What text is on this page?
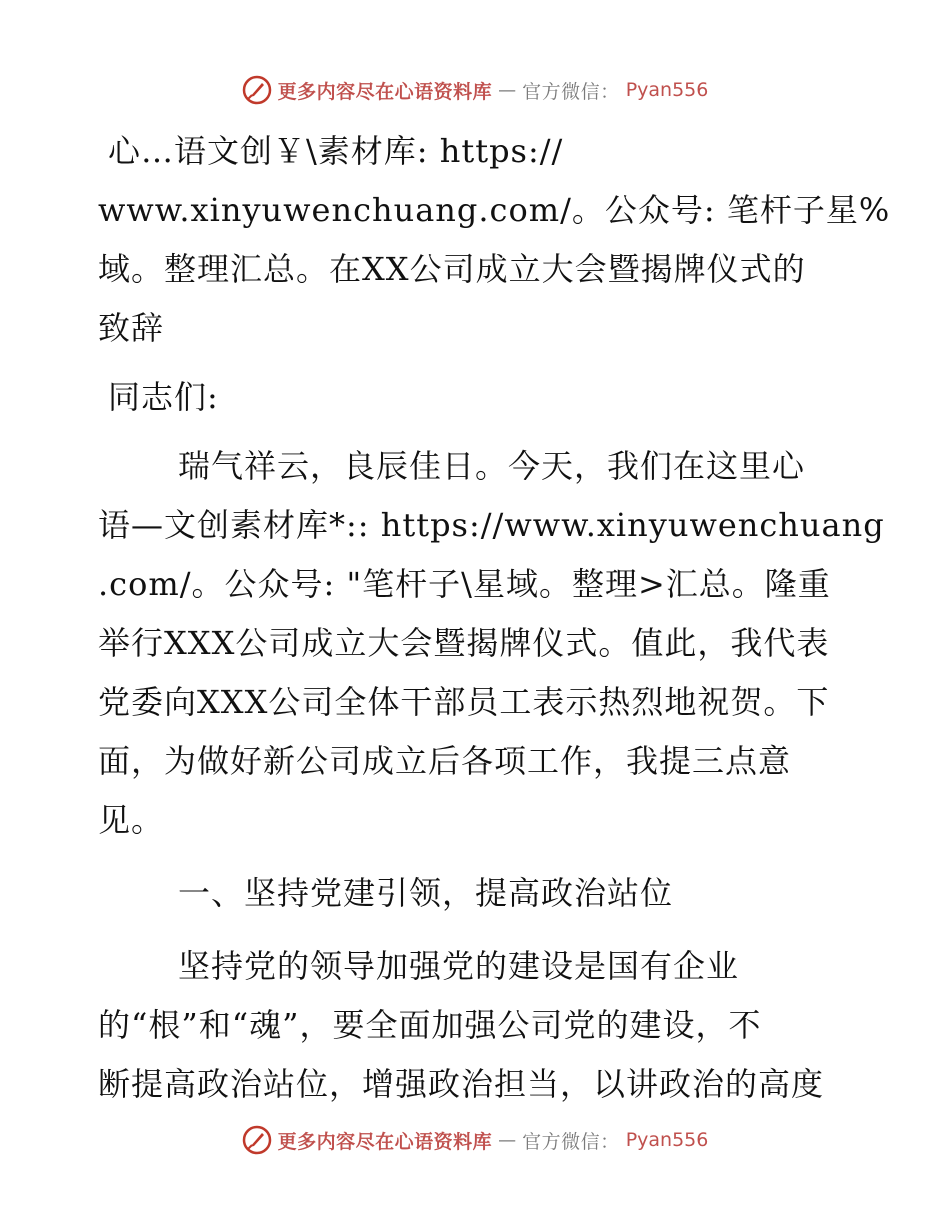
更多内容尽在心语资料库 — 官方微信： Pyan556
心…语文创￥\素材库: https://
www.xinyuwenchuang.com/。公众号: 笔杆子星%
域。整理汇总。在XX公司成立大会暨揭牌仪式的
致辞
同志们:
瑞气祥云，良辰佳日。今天，我们在这里心
语—文创素材库*:: https://www.xinyuwenchuang
.com/。公众号: "笔杆子\星域。整理>汇总。隆重
举行XXX公司成立大会暨揭牌仪式。值此，我代表
党委向XXX公司全体干部员工表示热烈地祝贺。下
面，为做好新公司成立后各项工作，我提三点意
见。
一、坚持党建引领，提高政治站位
坚持党的领导加强党的建设是国有企业
的“根”和“魂”，要全面加强公司党的建设，不
断提高政治站位，增强政治担当，以讲政治的高度
更多内容尽在心语资料库 — 官方微信： Pyan556
